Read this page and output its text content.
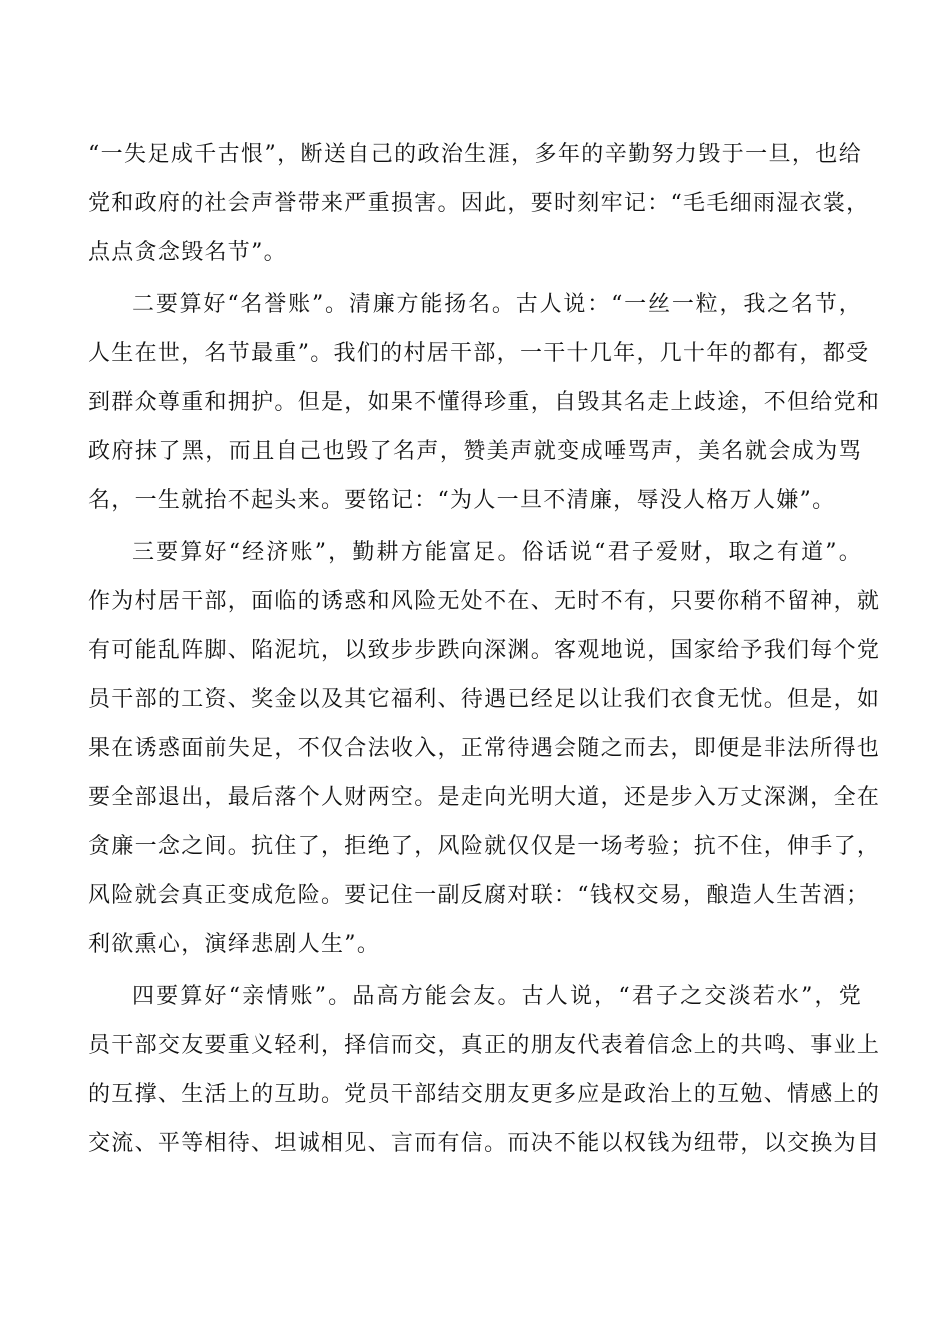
“一失足成千古恨”，断送自己的政治生涯，多年的辛勤努力毁于一旦，也给
党和政府的社会声誉带来严重损害。因此，要时刻牢记：“毛毛细雨湿衣裳，
点点贪念毁名节”。
二要算好“名誉账”。清廉方能扬名。古人说：“一丝一粒，我之名节，
人生在世，名节最重”。我们的村居干部，一干十几年，几十年的都有，都受
到群众尊重和拥护。但是，如果不懂得珍重，自毁其名走上歧途，不但给党和
政府抹了黑，而且自己也毁了名声，赞美声就变成唾骂声，美名就会成为骂
名，一生就抬不起头来。要铭记：“为人一旦不清廉，辱没人格万人嫌”。
三要算好“经济账”，勤耕方能富足。俗话说“君子爱财，取之有道”。
作为村居干部，面临的诱惑和风险无处不在、无时不有，只要你稍不留神，就
有可能乱阵脚、陷泥坑，以致步步跌向深渊。客观地说，国家给予我们每个党
员干部的工资、奖金以及其它福利、待遇已经足以让我们衣食无忧。但是，如
果在诱惑面前失足，不仅合法收入，正常待遇会随之而去，即便是非法所得也
要全部退出，最后落个人财两空。是走向光明大道，还是步入万丈深渊，全在
贪廉一念之间。抗住了，拒绝了，风险就仅仅是一场考验；抗不住，伸手了，
风险就会真正变成危险。要记住一副反腐对联：“钱权交易，酿造人生苦酒；
利欲熏心，演绎悲剧人生”。
四要算好“亲情账”。品高方能会友。古人说，“君子之交淡若水”，党
员干部交友要重义轻利，择信而交，真正的朋友代表着信念上的共鸣、事业上
的互撑、生活上的互助。党员干部结交朋友更多应是政治上的互勉、情感上的
交流、平等相待、坦诚相见、言而有信。而决不能以权钱为纽带，以交换为目
